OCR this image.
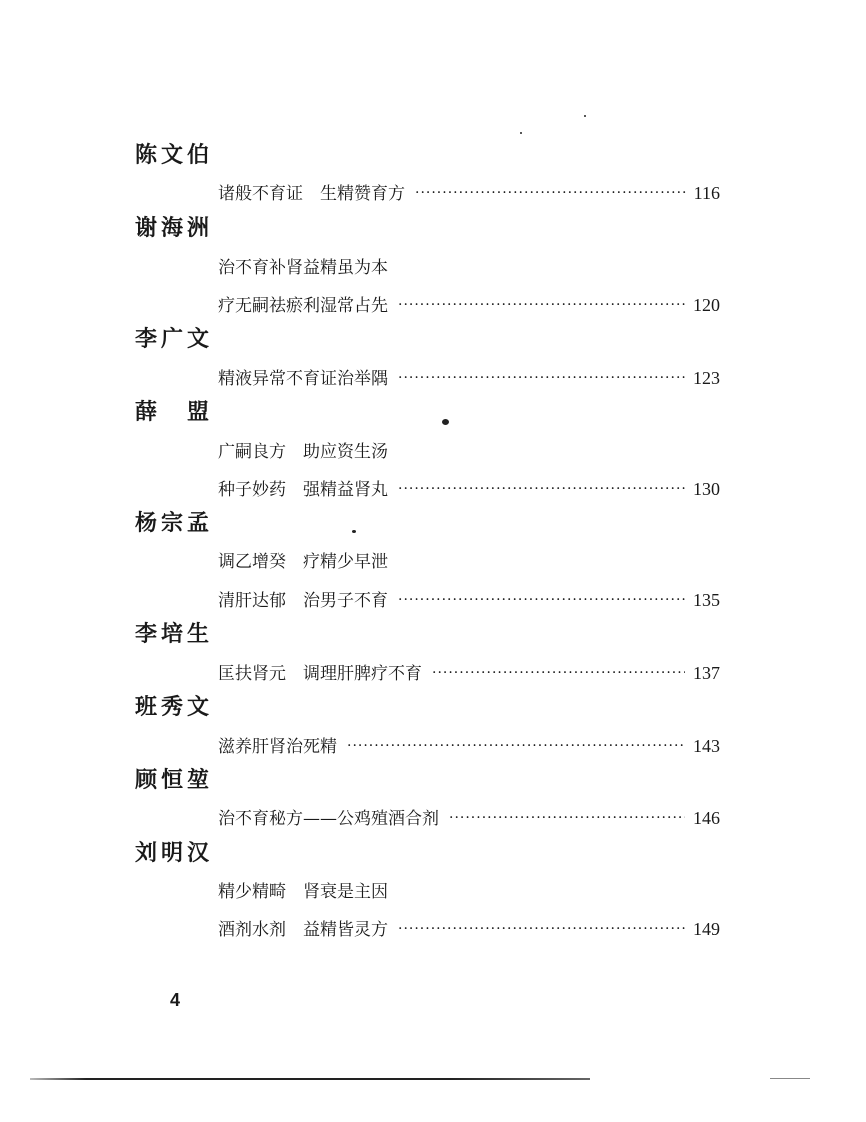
陈文伯
诸般不育证　生精赞育方 ·····	116
谢海洲
治不育补肾益精虽为本
疗无嗣祛瘀利湿常占先 ·····	120
李广文
精液异常不育证治举隅 ·····	123
薛　盟
广嗣良方　助应资生汤
种子妙药　强精益肾丸 ·····	130
杨宗孟
调乙增癸　疗精少早泄
清肝达郁　治男子不育 ·····	135
李培生
匡扶肾元　调理肝脾疗不育 ·····	137
班秀文
滋养肝肾治死精 ·····	143
顾恒堃
治不育秘方——公鸡殖酒合剂 ·····	146
刘明汉
精少精畸　肾衰是主因
酒剂水剂　益精皆灵方 ·····	149
4
